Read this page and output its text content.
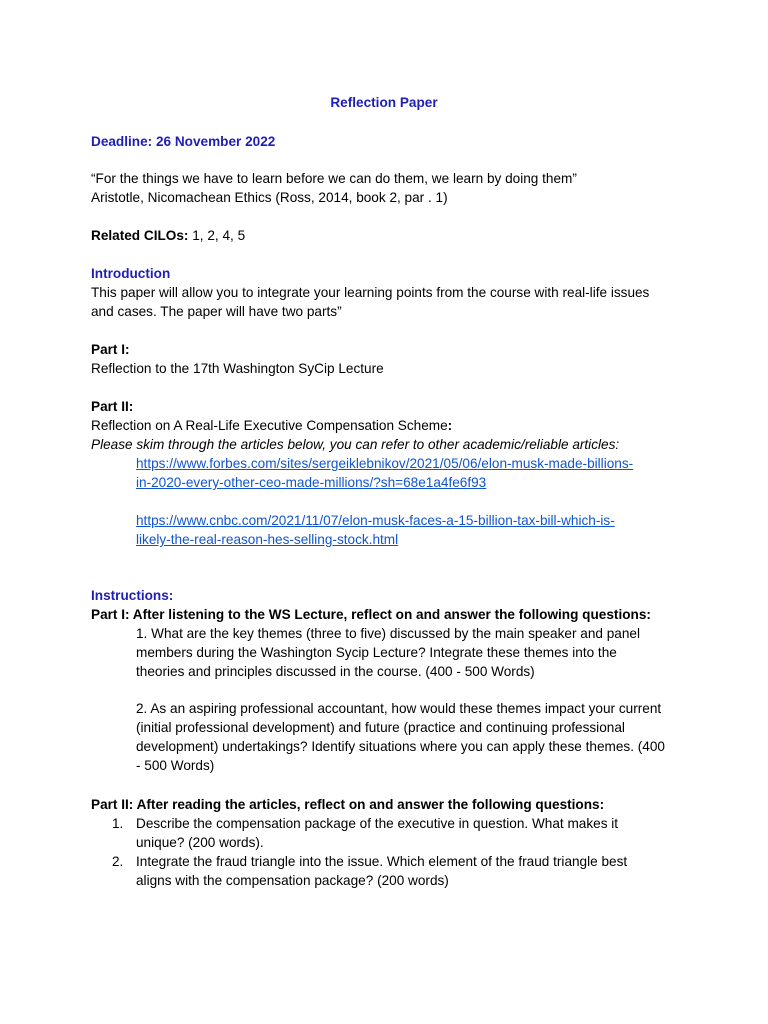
Reflection Paper
Deadline: 26 November 2022
“For the things we have to learn before we can do them, we learn by doing them”
Aristotle, Nicomachean Ethics (Ross, 2014, book 2, par . 1)
Related CILOs: 1, 2, 4, 5
Introduction
This paper will allow you to integrate your learning points from the course with real-life issues
and cases. The paper will have two parts”
Part I:
Reflection to the 17th Washington SyCip Lecture
Part II:
Reflection on A Real-Life Executive Compensation Scheme:
Please skim through the articles below, you can refer to other academic/reliable articles:
https://www.forbes.com/sites/sergeiklebnikov/2021/05/06/elon-musk-made-billions-
in-2020-every-other-ceo-made-millions/?sh=68e1a4fe6f93
https://www.cnbc.com/2021/11/07/elon-musk-faces-a-15-billion-tax-bill-which-is-
likely-the-real-reason-hes-selling-stock.html
Instructions:
Part I: After listening to the WS Lecture, reflect on and answer the following questions:
1. What are the key themes (three to five) discussed by the main speaker and panel
members during the Washington Sycip Lecture? Integrate these themes into the
theories and principles discussed in the course. (400 - 500 Words)
2. As an aspiring professional accountant, how would these themes impact your current
(initial professional development) and future (practice and continuing professional
development) undertakings? Identify situations where you can apply these themes. (400
- 500 Words)
Part II: After reading the articles, reflect on and answer the following questions:
1. Describe the compensation package of the executive in question. What makes it
unique? (200 words).
2. Integrate the fraud triangle into the issue. Which element of the fraud triangle best
aligns with the compensation package? (200 words)
